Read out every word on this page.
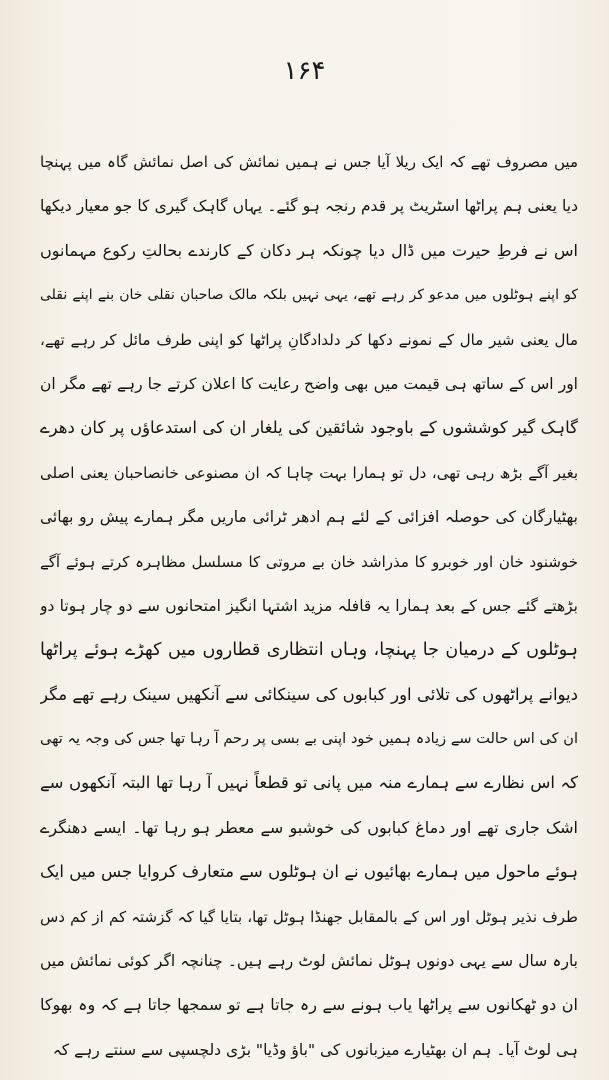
۱۶۴
میں مصروف تھے کہ ایک ریلا آیا جس نے ہمیں نمائش کی اصل نمائش گاہ میں پہنچا
دیا یعنی ہم پراٹھا اسٹریٹ پر قدم رنجہ ہو گئے۔ یہاں گاہک گیری کا جو معیار دیکھا
اس نے فرطِ حیرت میں ڈال دیا چونکہ ہر دکان کے کارندے بحالتِ رکوع مہمانوں
کو اپنے ہوٹلوں میں مدعو کر رہے تھے، یہی نہیں بلکہ مالک صاحبان نقلی خان بنے اپنے نقلی
مال یعنی شیر مال کے نمونے دکھا کر دلدادگانِ پراٹھا کو اپنی طرف مائل کر رہے تھے،
اور اس کے ساتھ ہی قیمت میں بھی واضح رعایت کا اعلان کرتے جا رہے تھے مگر ان
گاہک گیر کوششوں کے باوجود شائقین کی یلغار ان کی استدعاؤں پر کان دھرے
بغیر آگے بڑھ رہی تھی، دل تو ہمارا بہت چاہا کہ ان مصنوعی خانصاحبان یعنی اصلی
بھٹیارگان کی حوصلہ افزائی کے لئے ہم ادھر ٹرائی ماریں مگر ہمارے پیش رو بھائی
خوشنود خان اور خوبرو کا مذراشد خان بے مروتی کا مسلسل مظاہرہ کرتے ہوئے آگے
بڑھتے گئے جس کے بعد ہمارا یہ قافلہ مزید اشتہا انگیز امتحانوں سے دو چار ہوتا دو
ہوٹلوں کے درمیان جا پہنچا، وہاں انتظاری قطاروں میں کھڑے ہوئے پراٹھا
دیوانے پراٹھوں کی تلائی اور کبابوں کی سینکائی سے آنکھیں سینک رہے تھے مگر
ان کی اس حالت سے زیادہ ہمیں خود اپنی بے بسی پر رحم آ رہا تھا جس کی وجہ یہ تھی
کہ اس نظارے سے ہمارے منہ میں پانی تو قطعاً نہیں آ رہا تھا البتہ آنکھوں سے
اشک جاری تھے اور دماغ کبابوں کی خوشبو سے معطر ہو رہا تھا۔ ایسے دھنگرے
ہوئے ماحول میں ہمارے بھائیوں نے ان ہوٹلوں سے متعارف کروایا جس میں ایک
طرف نذیر ہوٹل اور اس کے بالمقابل جھنڈا ہوٹل تھا، بتایا گیا کہ گزشتہ کم از کم دس
بارہ سال سے یہی دونوں ہوٹل نمائش لوٹ رہے ہیں۔ چنانچہ اگر کوئی نمائش میں
ان دو ٹھکانوں سے پراٹھا یاب ہونے سے رہ جاتا ہے تو سمجھا جاتا ہے کہ وہ بھوکا
ہی لوٹ آیا۔ ہم ان بھٹیارے میزبانوں کی "باؤ وڈیا" بڑی دلچسپی سے سنتے رہے کہ
